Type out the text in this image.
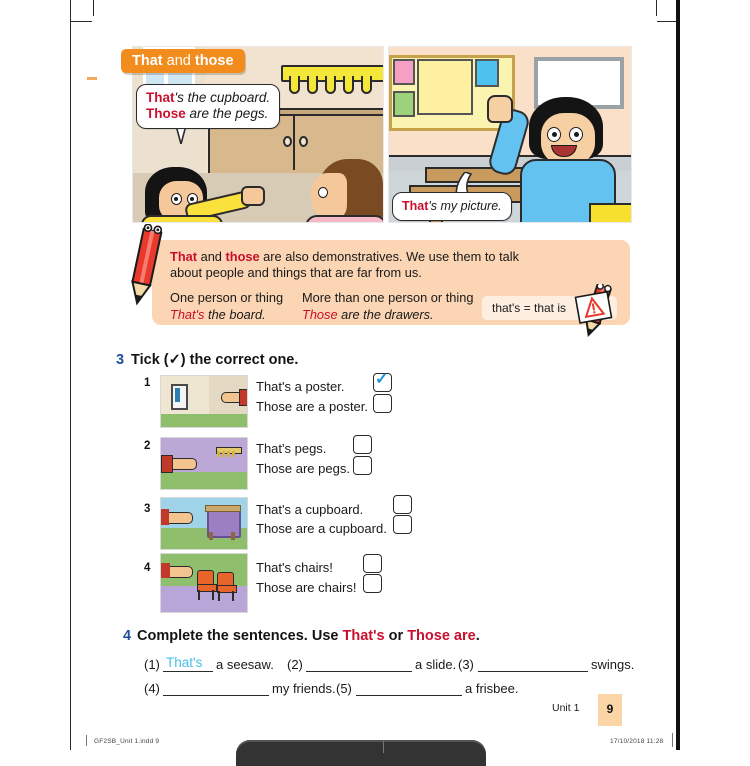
That and those
That's the cupboard.
Those are the pegs.
That's my picture.
That and those are also demonstratives. We use them to talk
about people and things that are far from us.
One person or thing More than one person or thing
That's the board.	Those are the drawers.	that's = that is
3 Tick (✓) the correct one.
1	That's a poster. ✓
Those are a poster.
2	That's pegs.
Those are pegs.
3	That's a cupboard.
Those are a cupboard.
4	That's chairs!
Those are chairs!
4 Complete the sentences. Use That's or Those are.
(1) That's a seesaw. (2)	a slide. (3)	swings.
(4)	my friends. (5)	a frisbee.
Unit 1	9
GF2SB_Unit 1.indd 9	17/10/2018 11:28
